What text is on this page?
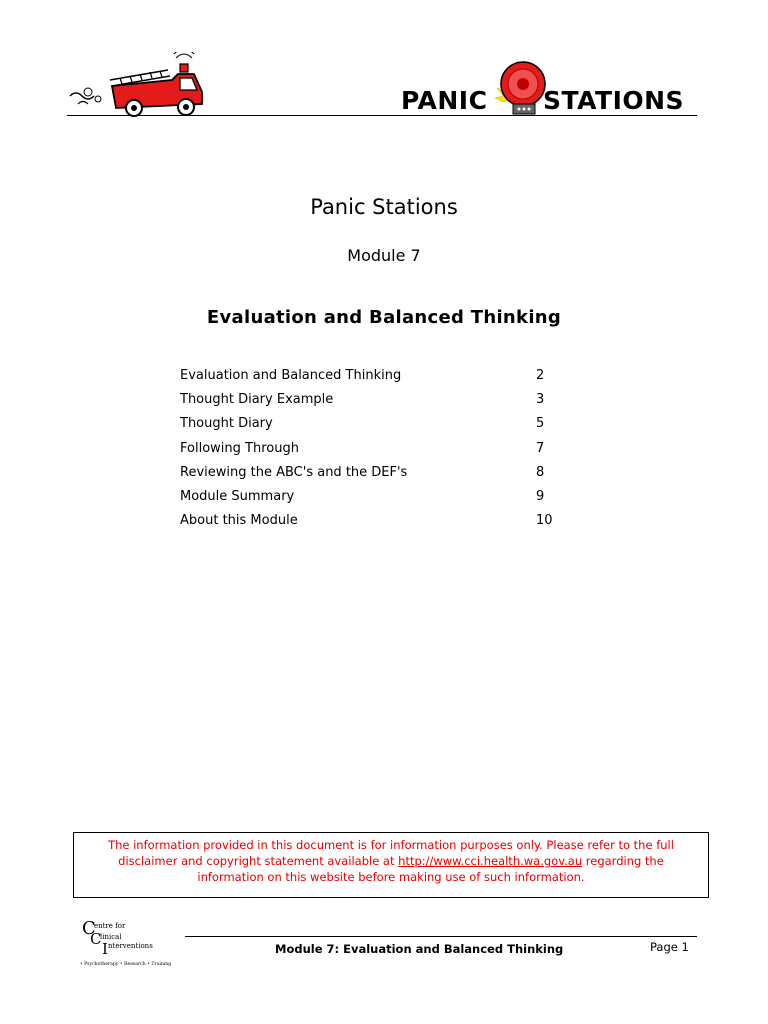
PANIC STATIONS
Panic Stations
Module 7
Evaluation and Balanced Thinking
Evaluation and Balanced Thinking	2
Thought Diary Example	3
Thought Diary	5
Following Through	7
Reviewing the ABC's and the DEF's	8
Module Summary	9
About this Module	10
The information provided in this document is for information purposes only. Please refer to the full disclaimer and copyright statement available at http://www.cci.health.wa.gov.au regarding the information on this website before making use of such information.
C
entre for
C
linical
I nterventions
• Psychotherapy • Research • Training
Module 7: Evaluation and Balanced Thinking	Page 1
